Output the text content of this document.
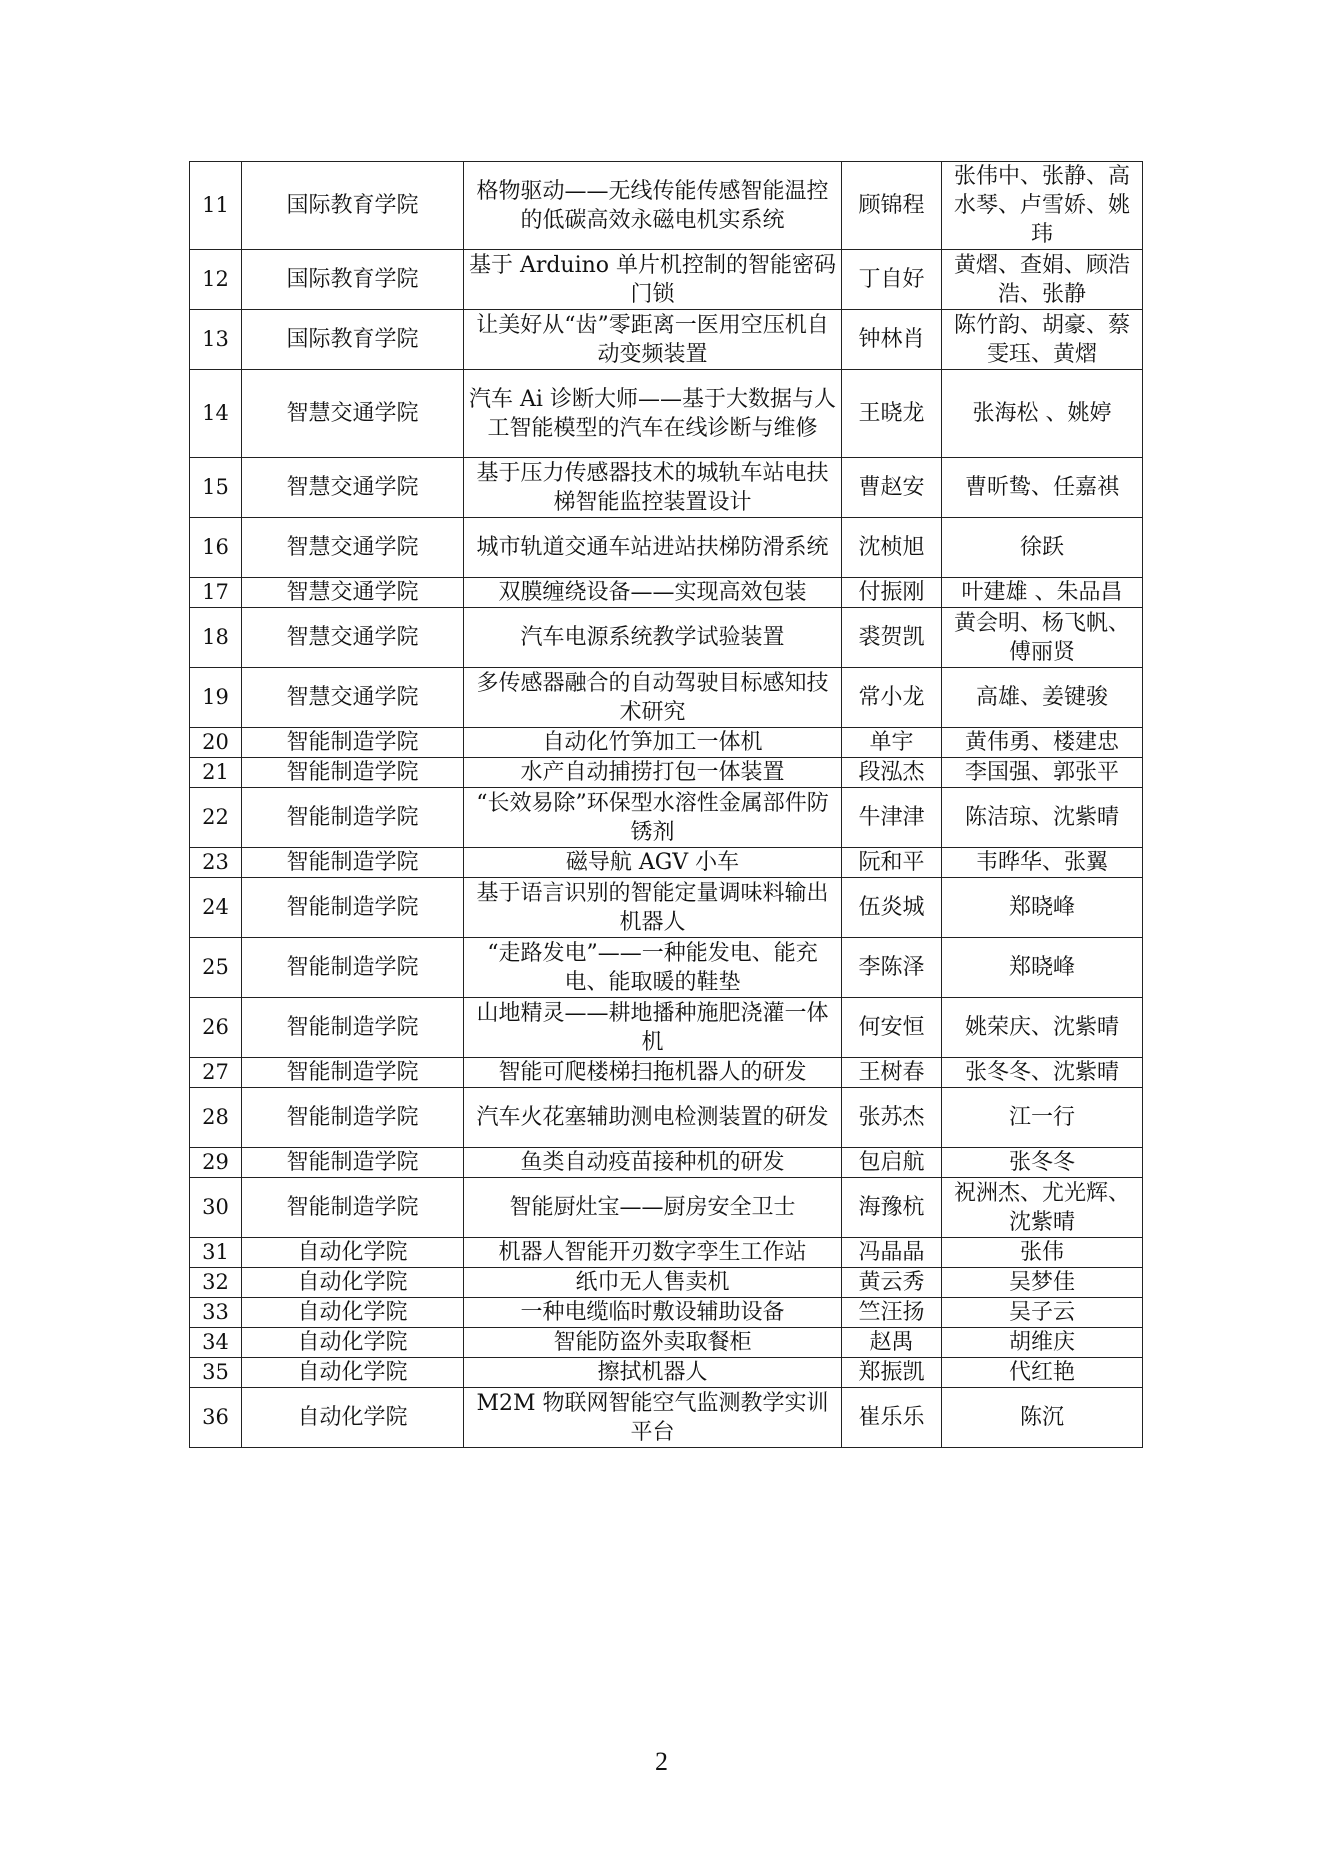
11	国际教育学院	格物驱动——无线传能传感智能温控的低碳高效永磁电机实系统	顾锦程	张伟中、张静、高水琴、卢雪娇、姚玮
12	国际教育学院	基于 Arduino 单片机控制的智能密码门锁	丁自好	黄熠、查娟、顾浩浩、张静
13	国际教育学院	让美好从“齿”零距离一医用空压机自动变频装置	钟林肖	陈竹韵、胡豪、蔡雯珏、黄熠
14	智慧交通学院	汽车 Ai 诊断大师——基于大数据与人工智能模型的汽车在线诊断与维修	王晓龙	张海松 、姚婷
15	智慧交通学院	基于压力传感器技术的城轨车站电扶梯智能监控装置设计	曹赵安	曹昕鸷、任嘉祺
16	智慧交通学院	城市轨道交通车站进站扶梯防滑系统	沈桢旭	徐跃
17	智慧交通学院	双膜缠绕设备——实现高效包装	付振刚	叶建雄 、朱品昌
18	智慧交通学院	汽车电源系统教学试验装置	裘贺凯	黄会明、杨飞帆、傅丽贤
19	智慧交通学院	多传感器融合的自动驾驶目标感知技术研究	常小龙	高雄、姜键骏
20	智能制造学院	自动化竹笋加工一体机	单宇	黄伟勇、楼建忠
21	智能制造学院	水产自动捕捞打包一体装置	段泓杰	李国强、郭张平
22	智能制造学院	“长效易除”环保型水溶性金属部件防锈剂	牛津津	陈洁琼、沈紫晴
23	智能制造学院	磁导航 AGV 小车	阮和平	韦晔华、张翼
24	智能制造学院	基于语言识别的智能定量调味料输出机器人	伍炎城	郑晓峰
25	智能制造学院	“走路发电”——一种能发电、能充电、能取暖的鞋垫	李陈泽	郑晓峰
26	智能制造学院	山地精灵——耕地播种施肥浇灌一体机	何安恒	姚荣庆、沈紫晴
27	智能制造学院	智能可爬楼梯扫拖机器人的研发	王树春	张冬冬、沈紫晴
28	智能制造学院	汽车火花塞辅助测电检测装置的研发	张苏杰	江一行
29	智能制造学院	鱼类自动疫苗接种机的研发	包启航	张冬冬
30	智能制造学院	智能厨灶宝——厨房安全卫士	海豫杭	祝洲杰、尤光辉、沈紫晴
31	自动化学院	机器人智能开刃数字孪生工作站	冯晶晶	张伟
32	自动化学院	纸巾无人售卖机	黄云秀	吴梦佳
33	自动化学院	一种电缆临时敷设辅助设备	竺汪扬	吴子云
34	自动化学院	智能防盗外卖取餐柜	赵禺	胡维庆
35	自动化学院	擦拭机器人	郑振凯	代红艳
36	自动化学院	M2M 物联网智能空气监测教学实训平台	崔乐乐	陈沉
2
